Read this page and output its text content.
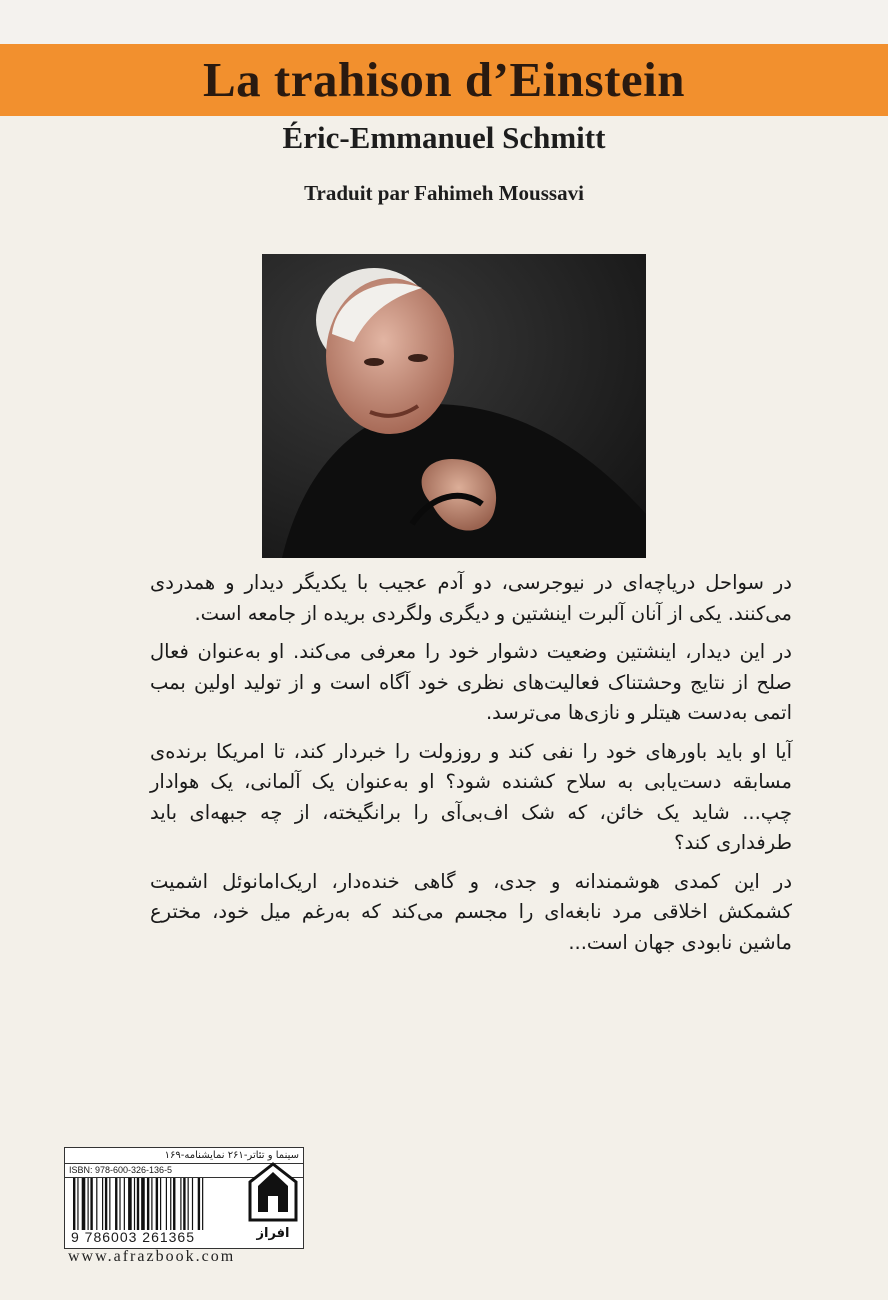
La trahison d’Einstein
Éric-Emmanuel Schmitt
Traduit par Fahimeh Moussavi

در سواحل دریاچه‌ای در نیوجرسی، دو آدم عجیب با یکدیگر دیدار و همدردی می‌کنند. یکی از آنان آلبرت اینشتین و دیگری ولگردی بریده از جامعه است.

در این دیدار، اینشتین وضعیت دشوار خود را معرفی می‌کند. او به‌عنوان فعال صلح از نتایج وحشتناک فعالیت‌های نظری خود آگاه است و از تولید اولین بمب اتمی به‌دست هیتلر و نازی‌ها می‌ترسد.

آیا او باید باورهای خود را نفی کند و روزولت را خبردار کند، تا امریکا برنده‌ی مسابقه دست‌یابی به سلاح کشنده شود؟ او به‌عنوان یک آلمانی، یک هوادار چپ... شاید یک خائن، که شک اف‌بی‌آی را برانگیخته، از چه جبهه‌ای باید طرفداری کند؟

در این کمدی هوشمندانه و جدی، و گاهی خنده‌دار، اریک‌امانوئل اشمیت کشمکش اخلاقی مرد نابغه‌ای را مجسم می‌کند که به‌رغم میل خود، مخترع ماشین نابودی جهان است...

سینما و تئاتر-۲۶۱ نمایشنامه-۱۶۹
ISBN: 978-600-326-136-5
9 786003 261365	افراز
www.afrazbook.com
